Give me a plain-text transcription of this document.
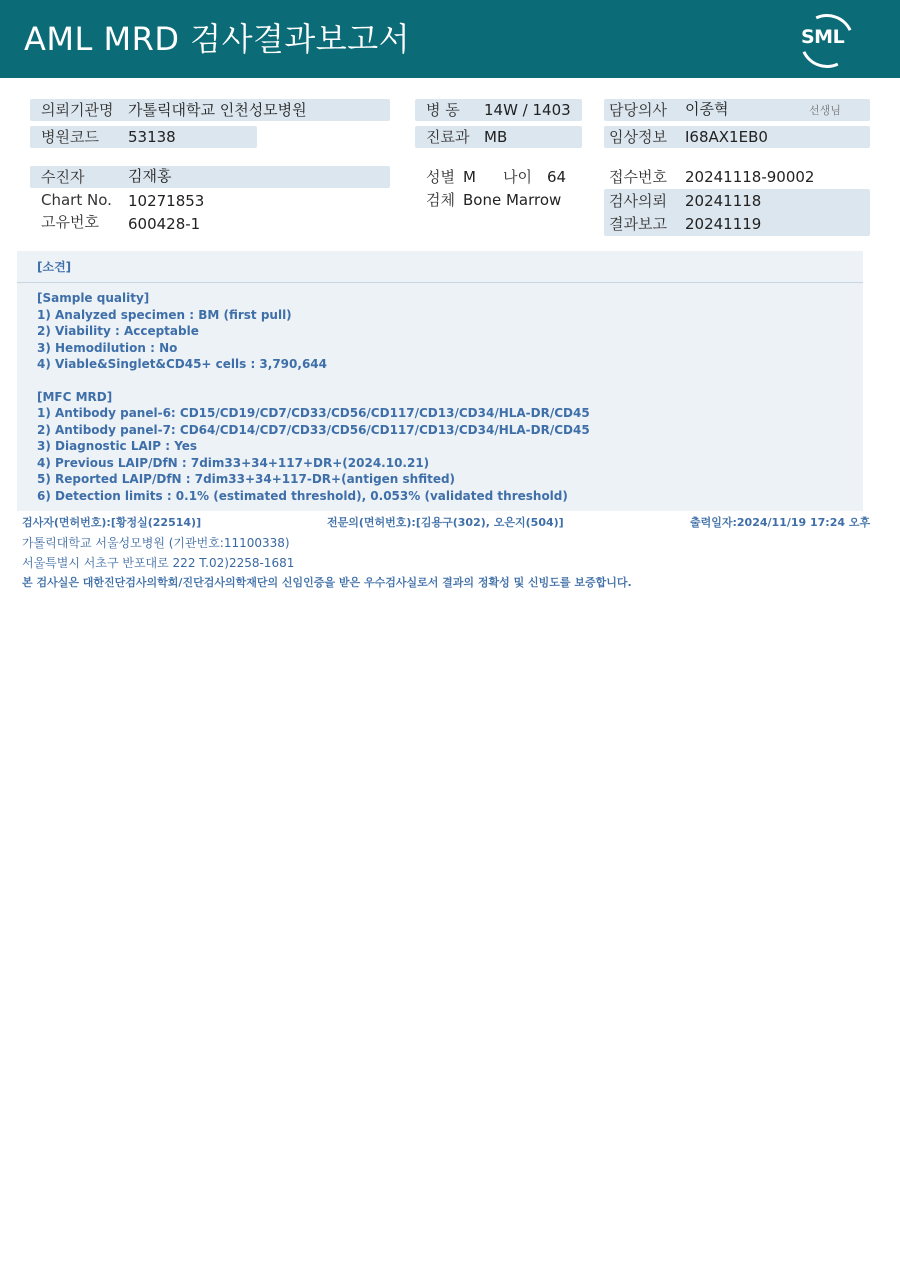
AML MRD 검사결과보고서	SML
의뢰기관명 가톨릭대학교 인천성모병원	병 동 14W / 1403	담당의사 이종혁	선생님
병원코드 53138	진료과 MB	임상정보 I68AX1EB0
수진자	김재홍
Chart No. 10271853
고유번호 600428-1
성별 M 나이 64
검체 Bone Marrow
접수번호 20241118-90002
검사의뢰 20241118
결과보고 20241119
[소견]
[Sample quality]
1) Analyzed specimen : BM (first pull)
2) Viability : Acceptable
3) Hemodilution : No
4) Viable&Singlet&CD45+ cells : 3,790,644
[MFC MRD]
1) Antibody panel-6: CD15/CD19/CD7/CD33/CD56/CD117/CD13/CD34/HLA-DR/CD45
2) Antibody panel-7: CD64/CD14/CD7/CD33/CD56/CD117/CD13/CD34/HLA-DR/CD45
3) Diagnostic LAIP : Yes
4) Previous LAIP/DfN : 7dim33+34+117+DR+(2024.10.21)
5) Reported LAIP/DfN : 7dim33+34+117-DR+(antigen shfited)
6) Detection limits : 0.1% (estimated threshold), 0.053% (validated threshold)
검사자(면허번호):[황정실(22514)]	전문의(면허번호):[김용구(302), 오은지(504)]	출력일자:2024/11/19 17:24 오후
가톨릭대학교 서울성모병원 (기관번호:11100338)
서울특별시 서초구 반포대로 222 T.02)2258-1681
본 검사실은 대한진단검사의학회/진단검사의학재단의 신임인증을 받은 우수검사실로서 결과의 정확성 및 신빙도를 보증합니다.
